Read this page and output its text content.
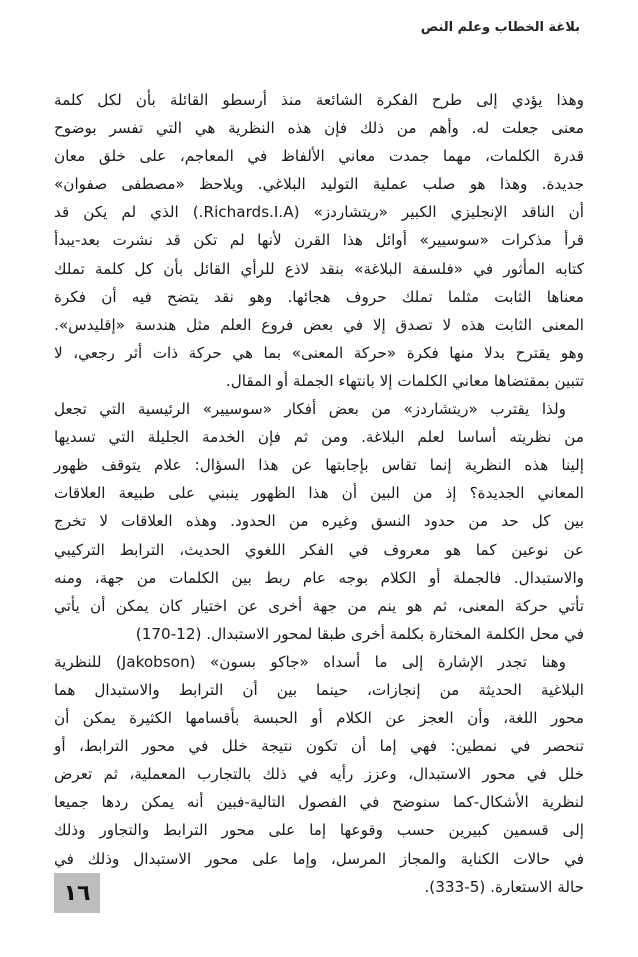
بلاغة الخطاب وعلم النص
وهذا يؤدي إلى طرح الفكرة الشائعة منذ أرسطو القائلة بأن لكل كلمة
معنى جعلت له. وأهم من ذلك فإن هذه النظرية هي التي تفسر بوضوح
قدرة الكلمات، مهما جمدت معاني الألفاظ في المعاجم، على خلق معان
جديدة. وهذا هو صلب عملية التوليد البلاغي. ويلاحظ «مصطفى صفوان»
أن الناقد الإنجليزي الكبير «ريتشاردز» (Richards.I.A.) الذي لم يكن قد
قرأ مذكرات «سوسيير» أوائل هذا القرن لأنها لم تكن قد نشرت بعد-يبدأ
كتابه المأثور في «فلسفة البلاغة» بنقد لاذع للرأي القائل بأن كل كلمة تملك
معناها الثابت مثلما تملك حروف هجائها. وهو نقد يتضح فيه أن فكرة
المعنى الثابت هذه لا تصدق إلا في بعض فروع العلم مثل هندسة «إقليدس».
وهو يقترح بدلا منها فكرة «حركة المعنى» بما هي حركة ذات أثر رجعي، لا
تتبين بمقتضاها معاني الكلمات إلا بانتهاء الجملة أو المقال.
ولذا يقترب «ريتشاردز» من بعض أفكار «سوسيير» الرئيسية التي تجعل
من نظريته أساسا لعلم البلاغة. ومن ثم فإن الخدمة الجليلة التي تسديها
إلينا هذه النظرية إنما تقاس بإجابتها عن هذا السؤال: علام يتوقف ظهور
المعاني الجديدة؟ إذ من البين أن هذا الظهور ينبني على طبيعة العلاقات
بين كل حد من حدود النسق وغيره من الحدود. وهذه العلاقات لا تخرج
عن نوعين كما هو معروف في الفكر اللغوي الحديث، الترابط التركيبي
والاستبدال. فالجملة أو الكلام بوجه عام ربط بين الكلمات من جهة، ومنه
تأتي حركة المعنى، ثم هو ينم من جهة أخرى عن اختيار كان يمكن أن يأتي
في محل الكلمة المختارة بكلمة أخرى طبقا لمحور الاستبدال. (12-170)
وهنا تجدر الإشارة إلى ما أسداه «جاكو بسون» (Jakobson) للنظرية
البلاغية الحديثة من إنجازات، حينما بين أن الترابط والاستبدال هما
محور اللغة، وأن العجز عن الكلام أو الحبسة بأقسامها الكثيرة يمكن أن
تنحصر في نمطين: فهي إما أن تكون نتيجة خلل في محور الترابط، أو
خلل في محور الاستبدال، وعزز رأيه في ذلك بالتجارب المعملية، ثم تعرض
لنظرية الأشكال-كما سنوضح في الفصول التالية-فبين أنه يمكن ردها جميعا
إلى قسمين كبيرين حسب وقوعها إما على محور الترابط والتجاور وذلك
في حالات الكناية والمجاز المرسل، وإما على محور الاستبدال وذلك في
حالة الاستعارة. (5-333).
١٦
